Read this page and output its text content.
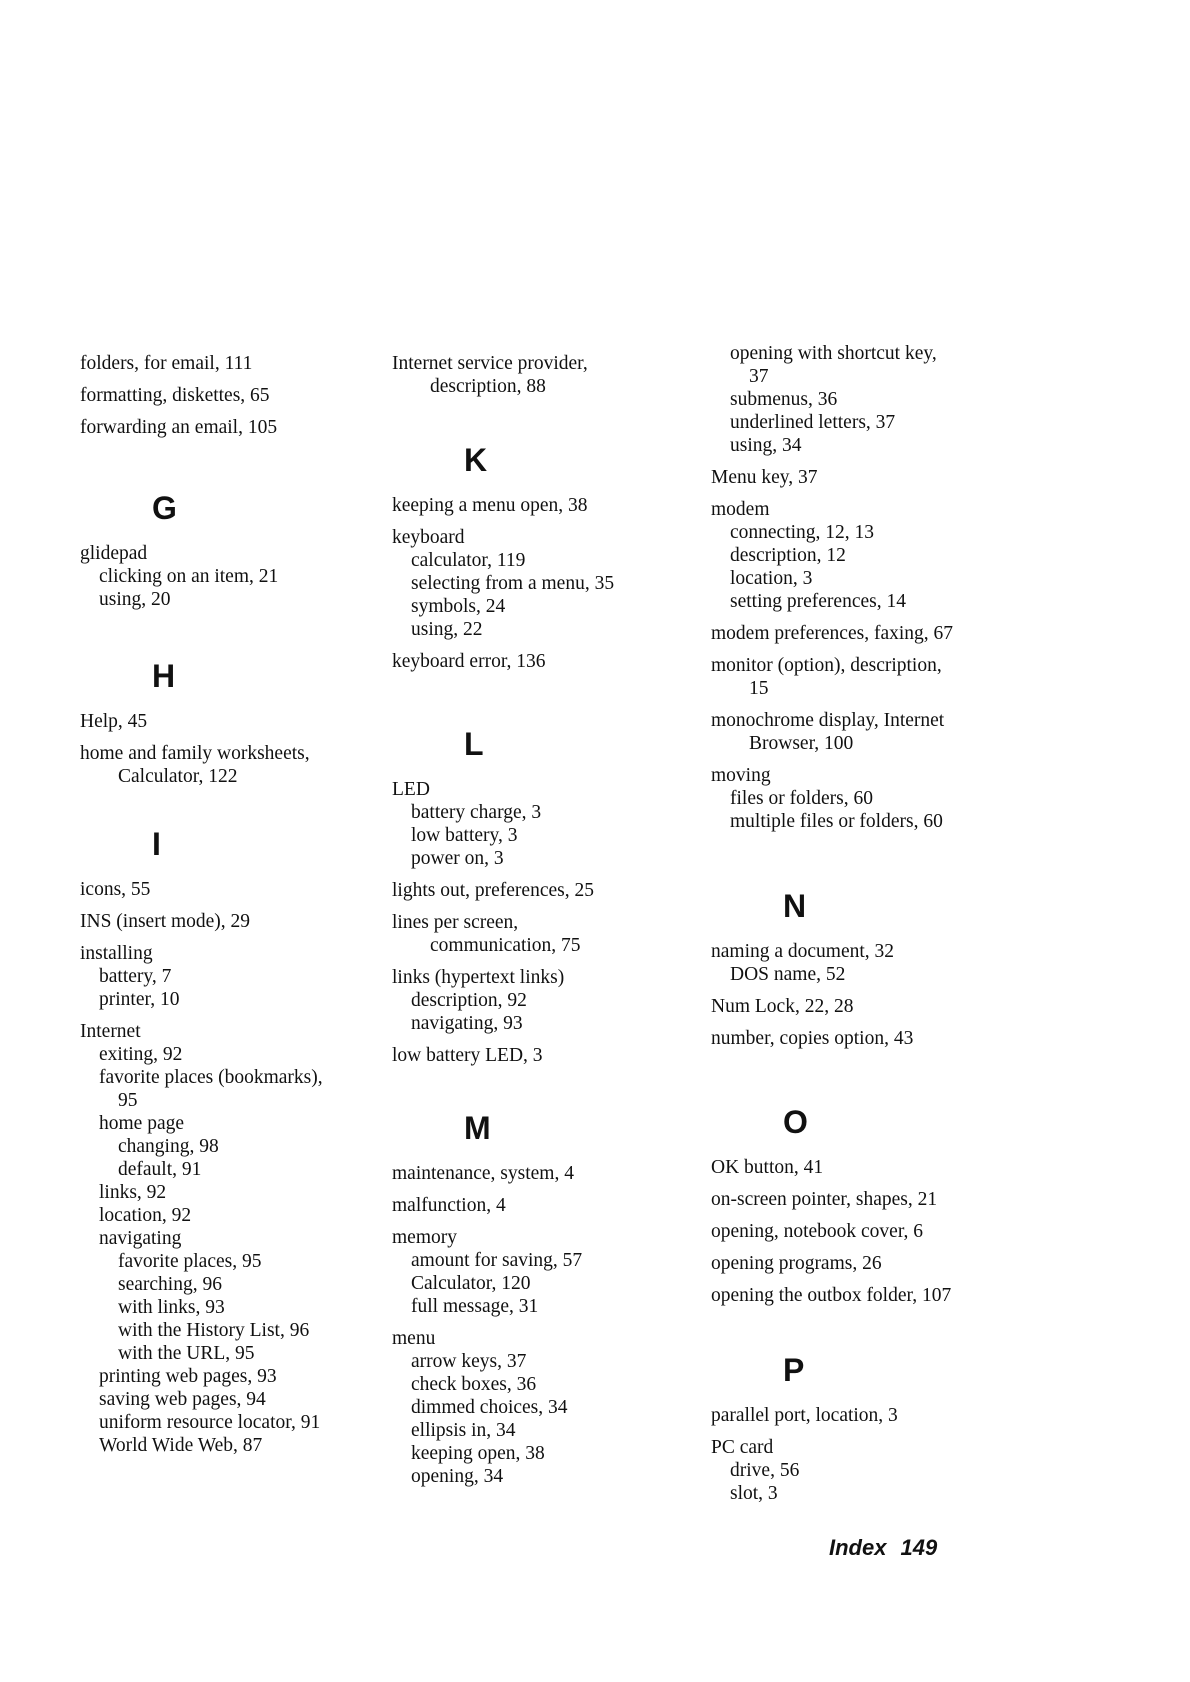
folders, for email, 111
formatting, diskettes, 65
forwarding an email, 105
G
glidepad
clicking on an item, 21
using, 20
H
Help, 45
home and family worksheets,
Calculator, 122
I
icons, 55
INS (insert mode), 29
installing
battery, 7
printer, 10
Internet
exiting, 92
favorite places (bookmarks),
95
home page
changing, 98
default, 91
links, 92
location, 92
navigating
favorite places, 95
searching, 96
with links, 93
with the History List, 96
with the URL, 95
printing web pages, 93
saving web pages, 94
uniform resource locator, 91
World Wide Web, 87
Internet service provider,
description, 88
K
keeping a menu open, 38
keyboard
calculator, 119
selecting from a menu, 35
symbols, 24
using, 22
keyboard error, 136
L
LED
battery charge, 3
low battery, 3
power on, 3
lights out, preferences, 25
lines per screen,
communication, 75
links (hypertext links)
description, 92
navigating, 93
low battery LED, 3
M
maintenance, system, 4
malfunction, 4
memory
amount for saving, 57
Calculator, 120
full message, 31
menu
arrow keys, 37
check boxes, 36
dimmed choices, 34
ellipsis in, 34
keeping open, 38
opening, 34
opening with shortcut key,
37
submenus, 36
underlined letters, 37
using, 34
Menu key, 37
modem
connecting, 12, 13
description, 12
location, 3
setting preferences, 14
modem preferences, faxing, 67
monitor (option), description,
15
monochrome display, Internet
Browser, 100
moving
files or folders, 60
multiple files or folders, 60
N
naming a document, 32
DOS name, 52
Num Lock, 22, 28
number, copies option, 43
O
OK button, 41
on-screen pointer, shapes, 21
opening, notebook cover, 6
opening programs, 26
opening the outbox folder, 107
P
parallel port, location, 3
PC card
drive, 56
slot, 3
Index 149
